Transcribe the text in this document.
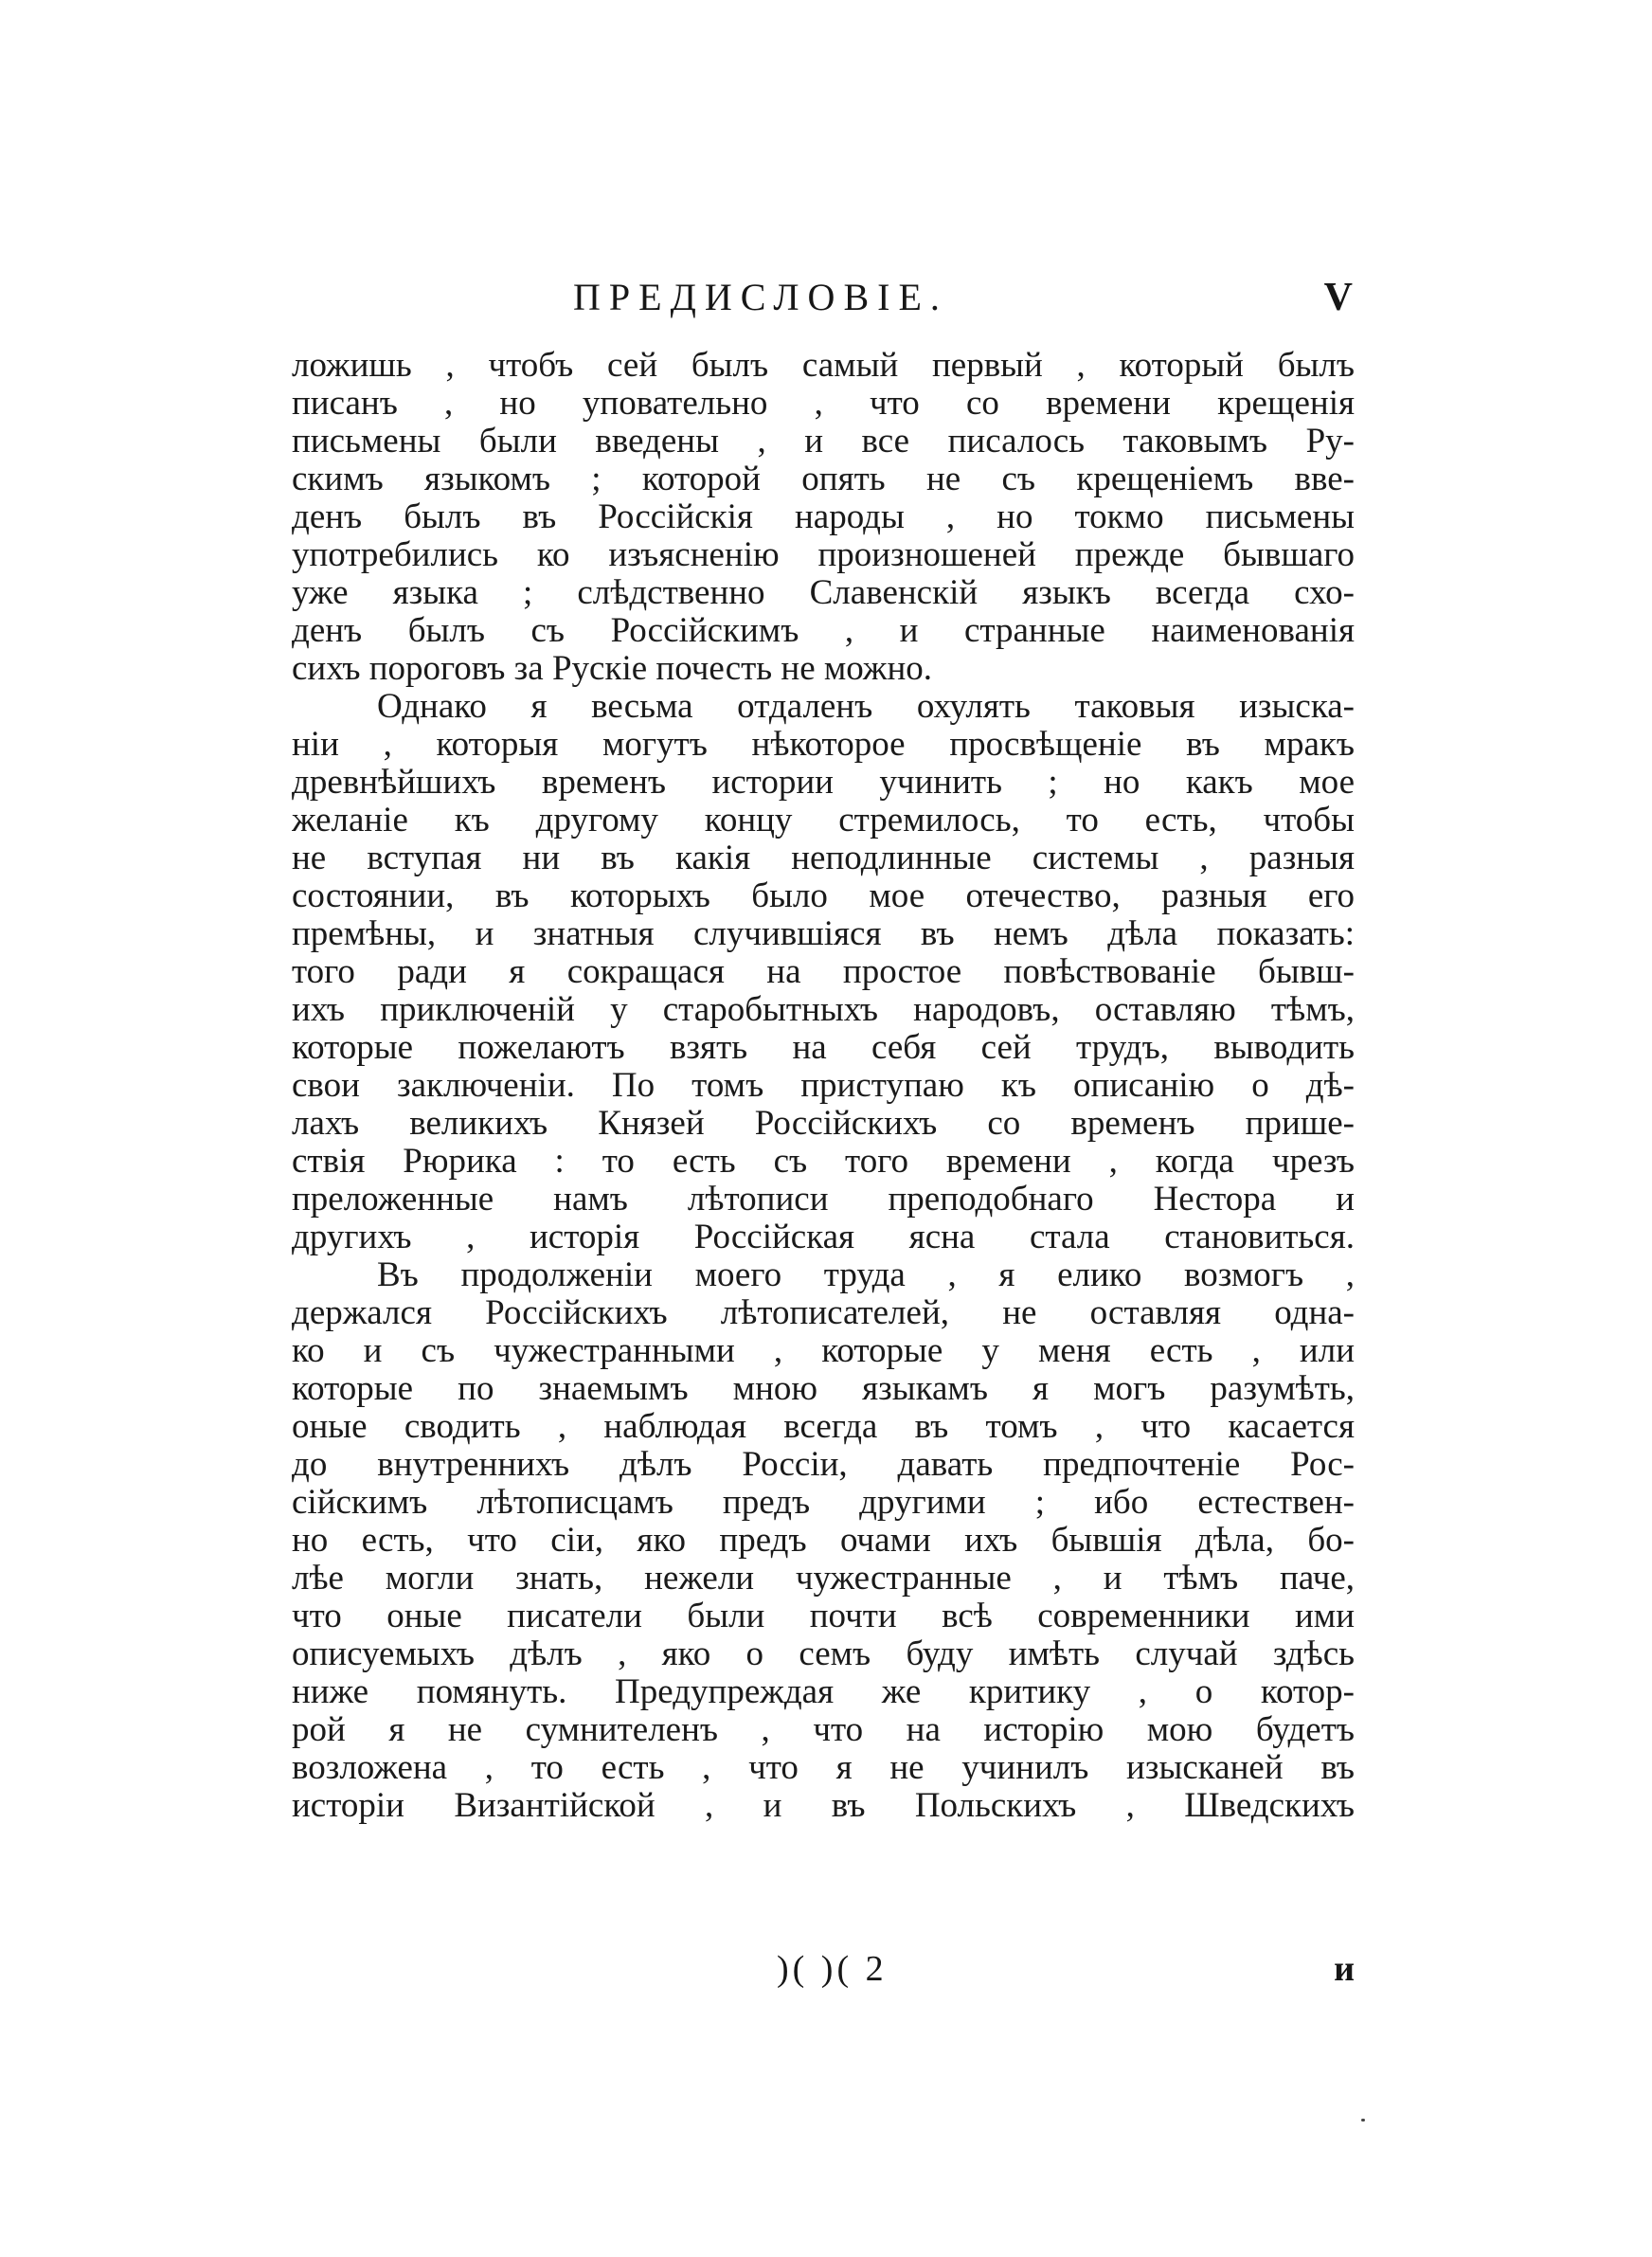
ПРЕДИСЛОВІЕ.	V
ложишь , чтобъ сей былъ самый первый , который былъ
писанъ , но уповательно , что со времени крещенія
письмены были введены , и все писалось таковымъ Ру-
скимъ языкомъ ; которой опять не съ крещеніемъ вве-
денъ былъ въ Россійскія народы , но токмо письмены
употребились ко изъясненію произношеней прежде бывшаго
уже языка ; слѣдственно Славенскій языкъ всегда схо-
денъ былъ съ Россійскимъ , и странные наименованія
сихъ пороговъ за Рускіе почесть не можно.
Однако я весьма отдаленъ охулять таковыя изыска-
ніи , которыя могутъ нѣкоторое просвѣщеніе въ мракъ
древнѣйшихъ временъ истории учинить ; но какъ мое
желаніе къ другому концу стремилось, то есть, чтобы
не вступая ни въ какія неподлинные системы , разныя
состоянии, въ которыхъ было мое отечество, разныя его
премѣны, и знатныя случившіяся въ немъ дѣла показать:
того ради я сокращася на простое повѣствованіе бывш-
ихъ приключеній у старобытныхъ народовъ, оставляю тѣмъ,
которые пожелаютъ взять на себя сей трудъ, выводить
свои заключеніи. По томъ приступаю къ описанію о дѣ-
лахъ великихъ Князей Россійскихъ со временъ прише-
ствія Рюрика : то есть съ того времени , когда чрезъ
преложенные намъ лѣтописи преподобнаго Нестора и
другихъ , исторія Россійская ясна стала становиться.
Въ продолженіи моего труда , я елико возмогъ ,
держался Россійскихъ лѣтописателей, не оставляя одна-
ко и съ чужестранными , которые у меня есть , или
которые по знаемымъ мною языкамъ я могъ разумѣть,
оные сводить , наблюдая всегда въ томъ , что касается
до внутреннихъ дѣлъ Россіи, давать предпочтеніе Рос-
сійскимъ лѣтописцамъ предъ другими ; ибо естествен-
но есть, что сіи, яко предъ очами ихъ бывшія дѣла, бо-
лѣе могли знать, нежели чужестранные , и тѣмъ паче,
что оные писатели были почти всѣ современники ими
описуемыхъ дѣлъ , яко о семъ буду имѣть случай здѣсь
ниже помянуть. Предупреждая же критику , о котор-
рой я не сумнителенъ , что на исторію мою будетъ
возложена , то есть , что я не учинилъ изысканей въ
исторіи Византійской , и въ Польскихъ , Шведскихъ
)( )( 2	и
